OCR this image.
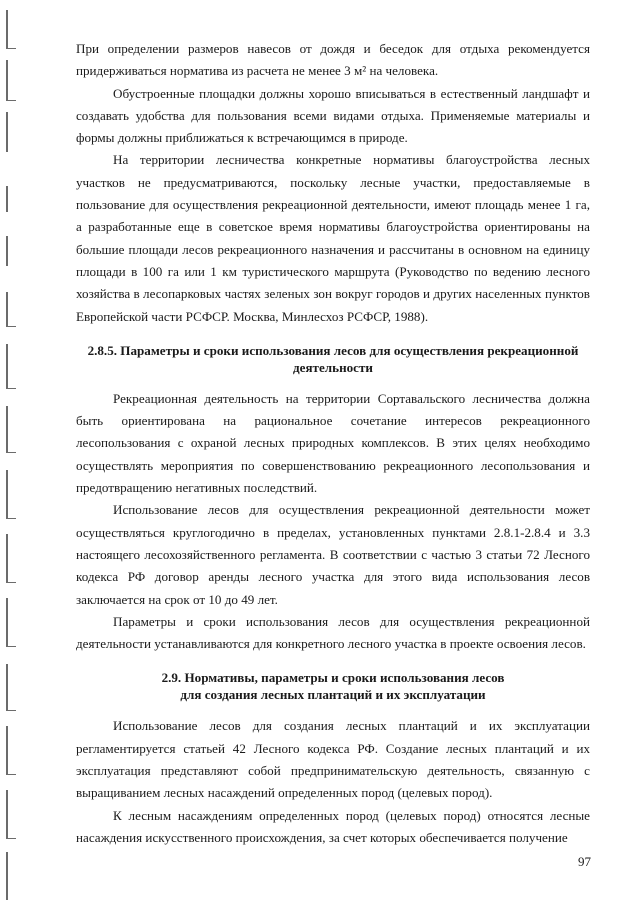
При определении размеров навесов от дождя и беседок для отдыха рекомендуется придерживаться норматива из расчета не менее 3 м² на человека.

Обустроенные площадки должны хорошо вписываться в естественный ландшафт и создавать удобства для пользования всеми видами отдыха. Применяемые материалы и формы должны приближаться к встречающимся в природе.

На территории лесничества конкретные нормативы благоустройства лесных участков не предусматриваются, поскольку лесные участки, предоставляемые в пользование для осуществления рекреационной деятельности, имеют площадь менее 1 га, а разработанные еще в советское время нормативы благоустройства ориентированы на большие площади лесов рекреационного назначения и рассчитаны в основном на единицу площади в 100 га или 1 км туристического маршрута (Руководство по ведению лесного хозяйства в лесопарковых частях зеленых зон вокруг городов и других населенных пунктов Европейской части РСФСР. Москва, Минлесхоз РСФСР, 1988).

2.8.5. Параметры и сроки использования лесов для осуществления рекреационной
деятельности

Рекреационная деятельность на территории Сортавальского лесничества должна быть ориентирована на рациональное сочетание интересов рекреационного лесопользования с охраной лесных природных комплексов. В этих целях необходимо осуществлять мероприятия по совершенствованию рекреационного лесопользования и предотвращению негативных последствий.

Использование лесов для осуществления рекреационной деятельности может осуществляться круглогодично в пределах, установленных пунктами 2.8.1-2.8.4 и 3.3 настоящего лесохозяйственного регламента. В соответствии с частью 3 статьи 72 Лесного кодекса РФ договор аренды лесного участка для этого вида использования лесов заключается на срок от 10 до 49 лет.

Параметры и сроки использования лесов для осуществления рекреационной деятельности устанавливаются для конкретного лесного участка в проекте освоения лесов.

2.9. Нормативы, параметры и сроки использования лесов
для создания лесных плантаций и их эксплуатации

Использование лесов для создания лесных плантаций и их эксплуатации регламентируется статьей 42 Лесного кодекса РФ. Создание лесных плантаций и их эксплуатация представляют собой предпринимательскую деятельность, связанную с выращиванием лесных насаждений определенных пород (целевых пород).

К лесным насаждениям определенных пород (целевых пород) относятся лесные насаждения искусственного происхождения, за счет которых обеспечивается получение

97
